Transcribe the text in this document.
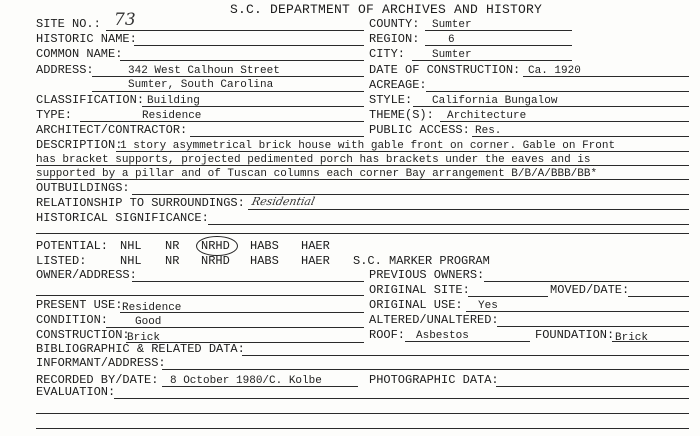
S.C. DEPARTMENT OF ARCHIVES AND HISTORY
SITE NO.: 73
HISTORIC NAME:
COMMON NAME:
ADDRESS:	342 West Calhoun Street
Sumter, South Carolina
CLASSIFICATION: Building
TYPE:	Residence
ARCHITECT/CONTRACTOR:
COUNTY: Sumter
REGION:	6
CITY: Sumter
DATE OF CONSTRUCTION: Ca. 1920
ACREAGE:
STYLE: California Bungalow
THEME(S): Architecture
PUBLIC ACCESS: Res.
DESCRIPTION:
1 story asymmetrical brick house with gable front on corner. Gable on Front
has bracket supports, projected pedimented porch has brackets under the eaves and is
supported by a pillar and of Tuscan columns each corner Bay arrangement B/B/A/BBB/BB*
OUTBUILDINGS:
RELATIONSHIP TO SURROUNDINGS: Residential
HISTORICAL SIGNIFICANCE:
POTENTIAL: NHL NR NRHD HABS HAER
LISTED:	NHL NR NRHD HABS HAER S.C. MARKER PROGRAM
PREVIOUS OWNERS:
ORIGINAL SITE:	MOVED/DATE:
ORIGINAL USE: Yes
ALTERED/UNALTERED:
ROOF: Asbestos	FOUNDATION: Brick
PHOTOGRAPHIC DATA:
OWNER/ADDRESS:
PRESENT USE: Residence
CONDITION: Good
CONSTRUCTION:
Brick
BIBLIOGRAPHIC & RELATED DATA:
INFORMANT/ADDRESS:
RECORDED BY/DATE: 8 October 1980/C. Kolbe
EVALUATION:
